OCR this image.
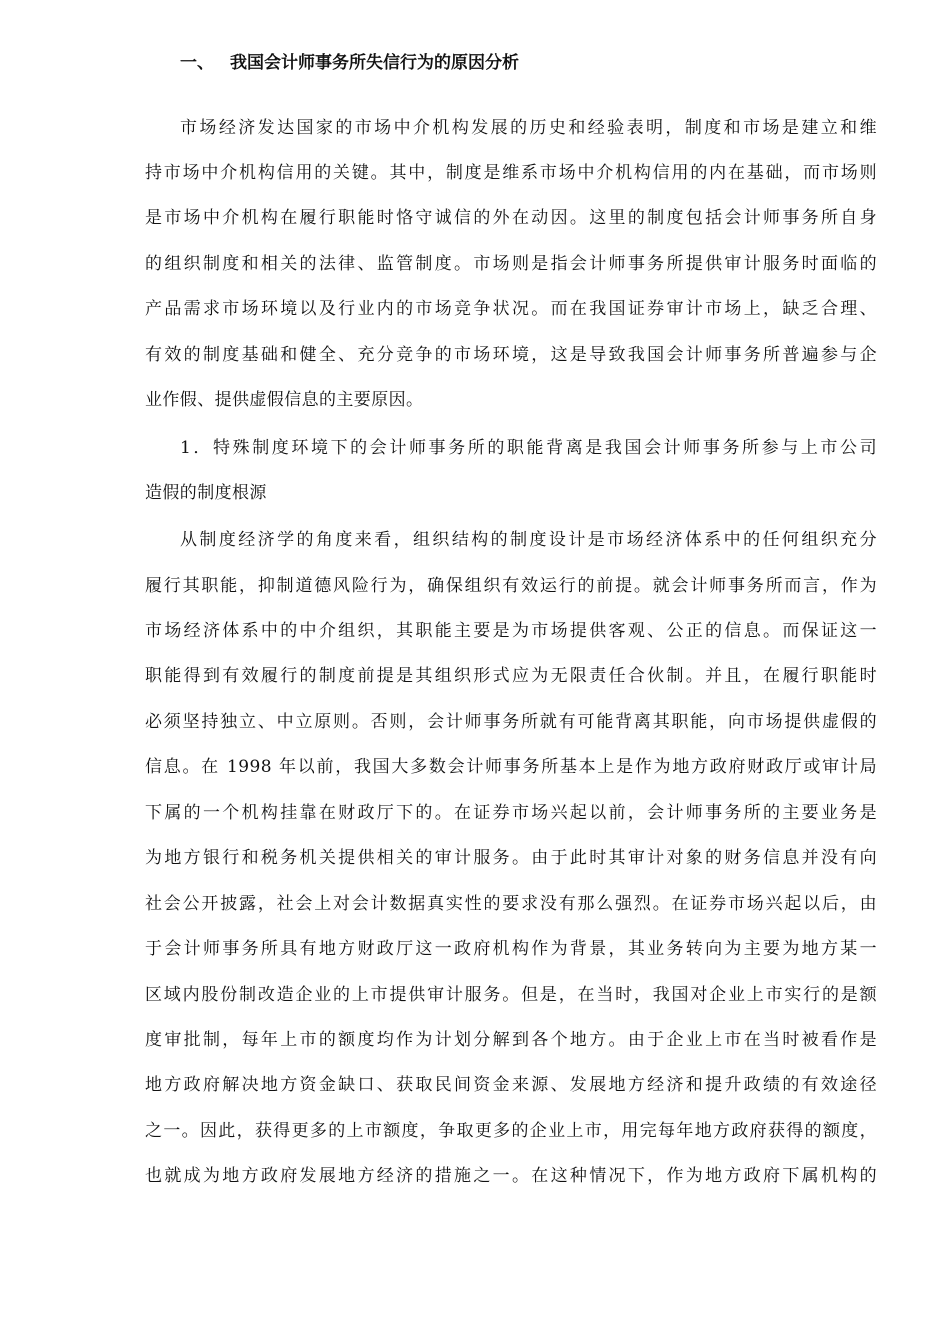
一、 我国会计师事务所失信行为的原因分析
市场经济发达国家的市场中介机构发展的历史和经验表明，制度和市场是建立和维
持市场中介机构信用的关键。其中，制度是维系市场中介机构信用的内在基础，而市场则
是市场中介机构在履行职能时恪守诚信的外在动因。这里的制度包括会计师事务所自身
的组织制度和相关的法律、监管制度。市场则是指会计师事务所提供审计服务时面临的
产品需求市场环境以及行业内的市场竞争状况。而在我国证券审计市场上，缺乏合理、
有效的制度基础和健全、充分竞争的市场环境，这是导致我国会计师事务所普遍参与企
业作假、提供虚假信息的主要原因。
1．特殊制度环境下的会计师事务所的职能背离是我国会计师事务所参与上市公司
造假的制度根源
从制度经济学的角度来看，组织结构的制度设计是市场经济体系中的任何组织充分
履行其职能，抑制道德风险行为，确保组织有效运行的前提。就会计师事务所而言，作为
市场经济体系中的中介组织，其职能主要是为市场提供客观、公正的信息。而保证这一
职能得到有效履行的制度前提是其组织形式应为无限责任合伙制。并且，在履行职能时
必须坚持独立、中立原则。否则，会计师事务所就有可能背离其职能，向市场提供虚假的
信息。在 1998 年以前，我国大多数会计师事务所基本上是作为地方政府财政厅或审计局
下属的一个机构挂靠在财政厅下的。在证券市场兴起以前，会计师事务所的主要业务是
为地方银行和税务机关提供相关的审计服务。由于此时其审计对象的财务信息并没有向
社会公开披露，社会上对会计数据真实性的要求没有那么强烈。在证券市场兴起以后，由
于会计师事务所具有地方财政厅这一政府机构作为背景，其业务转向为主要为地方某一
区域内股份制改造企业的上市提供审计服务。但是，在当时，我国对企业上市实行的是额
度审批制，每年上市的额度均作为计划分解到各个地方。由于企业上市在当时被看作是
地方政府解决地方资金缺口、获取民间资金来源、发展地方经济和提升政绩的有效途径
之一。因此，获得更多的上市额度，争取更多的企业上市，用完每年地方政府获得的额度，
也就成为地方政府发展地方经济的措施之一。在这种情况下，作为地方政府下属机构的
